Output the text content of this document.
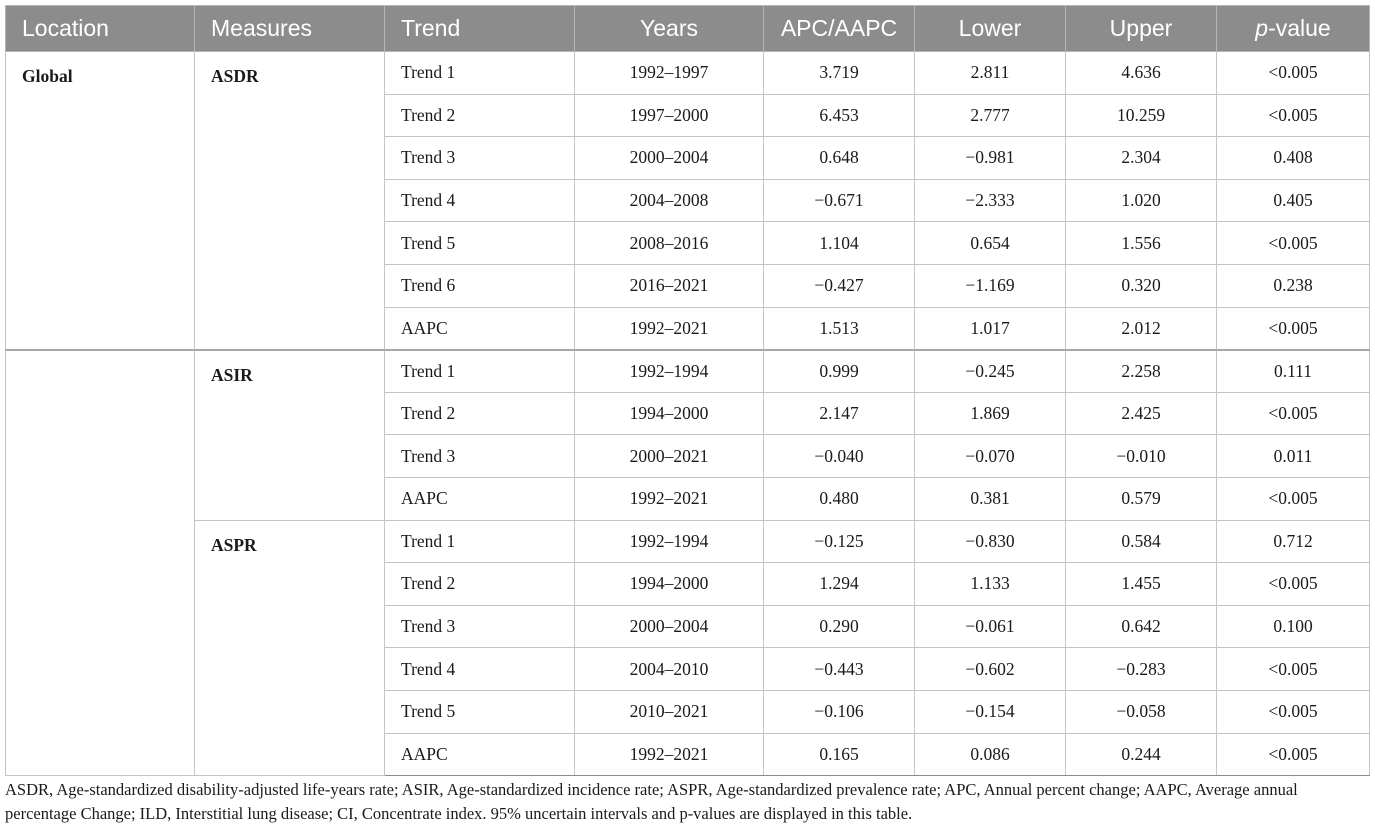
Location	Measures	Trend	Years	APC/AAPC	Lower	Upper	p-value
Global	ASDR	Trend 1	1992–1997	3.719	2.811	4.636	<0.005
		Trend 2	1997–2000	6.453	2.777	10.259	<0.005
		Trend 3	2000–2004	0.648	−0.981	2.304	0.408
		Trend 4	2004–2008	−0.671	−2.333	1.020	0.405
		Trend 5	2008–2016	1.104	0.654	1.556	<0.005
		Trend 6	2016–2021	−0.427	−1.169	0.320	0.238
		AAPC	1992–2021	1.513	1.017	2.012	<0.005
	ASIR	Trend 1	1992–1994	0.999	−0.245	2.258	0.111
		Trend 2	1994–2000	2.147	1.869	2.425	<0.005
		Trend 3	2000–2021	−0.040	−0.070	−0.010	0.011
		AAPC	1992–2021	0.480	0.381	0.579	<0.005
	ASPR	Trend 1	1992–1994	−0.125	−0.830	0.584	0.712
		Trend 2	1994–2000	1.294	1.133	1.455	<0.005
		Trend 3	2000–2004	0.290	−0.061	0.642	0.100
		Trend 4	2004–2010	−0.443	−0.602	−0.283	<0.005
		Trend 5	2010–2021	−0.106	−0.154	−0.058	<0.005
		AAPC	1992–2021	0.165	0.086	0.244	<0.005

ASDR, Age-standardized disability-adjusted life-years rate; ASIR, Age-standardized incidence rate; ASPR, Age-standardized prevalence rate; APC, Annual percent change; AAPC, Average annual percentage Change; ILD, Interstitial lung disease; CI, Concentrate index. 95% uncertain intervals and p-values are displayed in this table.
